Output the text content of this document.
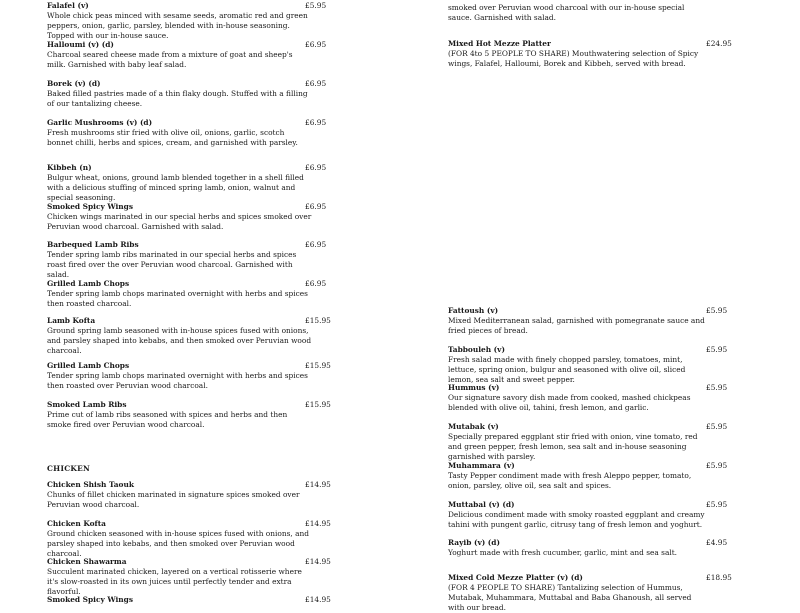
Falafel (v)
Whole chick peas minced with sesame seeds, aromatic red and green peppers, onion, garlic, parsley, blended with in-house seasoning. Topped with our in-house sauce.
£5.95
Halloumi (v) (d)
Charcoal seared cheese made from a mixture of goat and sheep's milk. Garnished with baby leaf salad.
£6.95
Borek (v) (d)
Baked filled pastries made of a thin flaky dough. Stuffed with a filling of our tantalizing cheese.
£6.95
Garlic Mushrooms (v) (d)
Fresh mushrooms stir fried with olive oil, onions, garlic, scotch bonnet chilli, herbs and spices, cream, and garnished with parsley.
£6.95
Kibbeh (n)
Bulgur wheat, onions, ground lamb blended together in a shell filled with a delicious stuffing of minced spring lamb, onion, walnut and special seasoning.
£6.95
Smoked Spicy Wings
Chicken wings marinated in our special herbs and spices smoked over Peruvian wood charcoal. Garnished with salad.
£6.95
Barbequed Lamb Ribs
Tender spring lamb ribs marinated in our special herbs and spices roast fired over the over Peruvian wood charcoal. Garnished with salad.
£6.95
Grilled Lamb Chops
Tender spring lamb chops marinated overnight with herbs and spices then roasted charcoal.
£6.95
Lamb Kofta
Ground spring lamb seasoned with in-house spices fused with onions, and parsley shaped into kebabs, and then smoked over Peruvian wood charcoal.
£15.95
Grilled Lamb Chops
Tender spring lamb chops marinated overnight with herbs and spices then roasted over Peruvian wood charcoal.
£15.95
Smoked Lamb Ribs
Prime cut of lamb ribs seasoned with spices and herbs and then smoke fired over Peruvian wood charcoal.
£15.95
CHICKEN
Chicken Shish Taouk
Chunks of fillet chicken marinated in signature spices smoked over Peruvian wood charcoal.
£14.95
Chicken Kofta
Ground chicken seasoned with in-house spices fused with onions, and parsley shaped into kebabs, and then smoked over Peruvian wood charcoal.
£14.95
Chicken Shawarma
Succulent marinated chicken, layered on a vertical rotisserie where it's slow-roasted in its own juices until perfectly tender and extra flavorful.
£14.95
Smoked Spicy Wings	£14.95
smoked over Peruvian wood charcoal with our in-house special sauce. Garnished with salad.
Mixed Hot Mezze Platter
(FOR 4to 5 PEOPLE TO SHARE) Mouthwatering selection of Spicy wings, Falafel, Halloumi, Borek and Kibbeh, served with bread.
£24.95
Fattoush (v)
Mixed Mediterranean salad, garnished with pomegranate sauce and fried pieces of bread.
£5.95
Tabbouleh (v)
Fresh salad made with finely chopped parsley, tomatoes, mint, lettuce, spring onion, bulgur and seasoned with olive oil, sliced lemon, sea salt and sweet pepper.
£5.95
Hummus (v)
Our signature savory dish made from cooked, mashed chickpeas blended with olive oil, tahini, fresh lemon, and garlic.
£5.95
Mutabak (v)
Specially prepared eggplant stir fried with onion, vine tomato, red and green pepper, fresh lemon, sea salt and in-house seasoning garnished with parsley.
£5.95
Muhammara (v)
Tasty Pepper condiment made with fresh Aleppo pepper, tomato, onion, parsley, olive oil, sea salt and spices.
£5.95
Muttabal (v) (d)
Delicious condiment made with smoky roasted eggplant and creamy tahini with pungent garlic, citrusy tang of fresh lemon and yoghurt.
£5.95
Rayib (v) (d)
Yoghurt made with fresh cucumber, garlic, mint and sea salt.
£4.95
Mixed Cold Mezze Platter (v) (d)
(FOR 4 PEOPLE TO SHARE) Tantalizing selection of Hummus, Mutabak, Muhammara, Muttabal and Baba Ghanoush, all served with our bread.
£18.95
